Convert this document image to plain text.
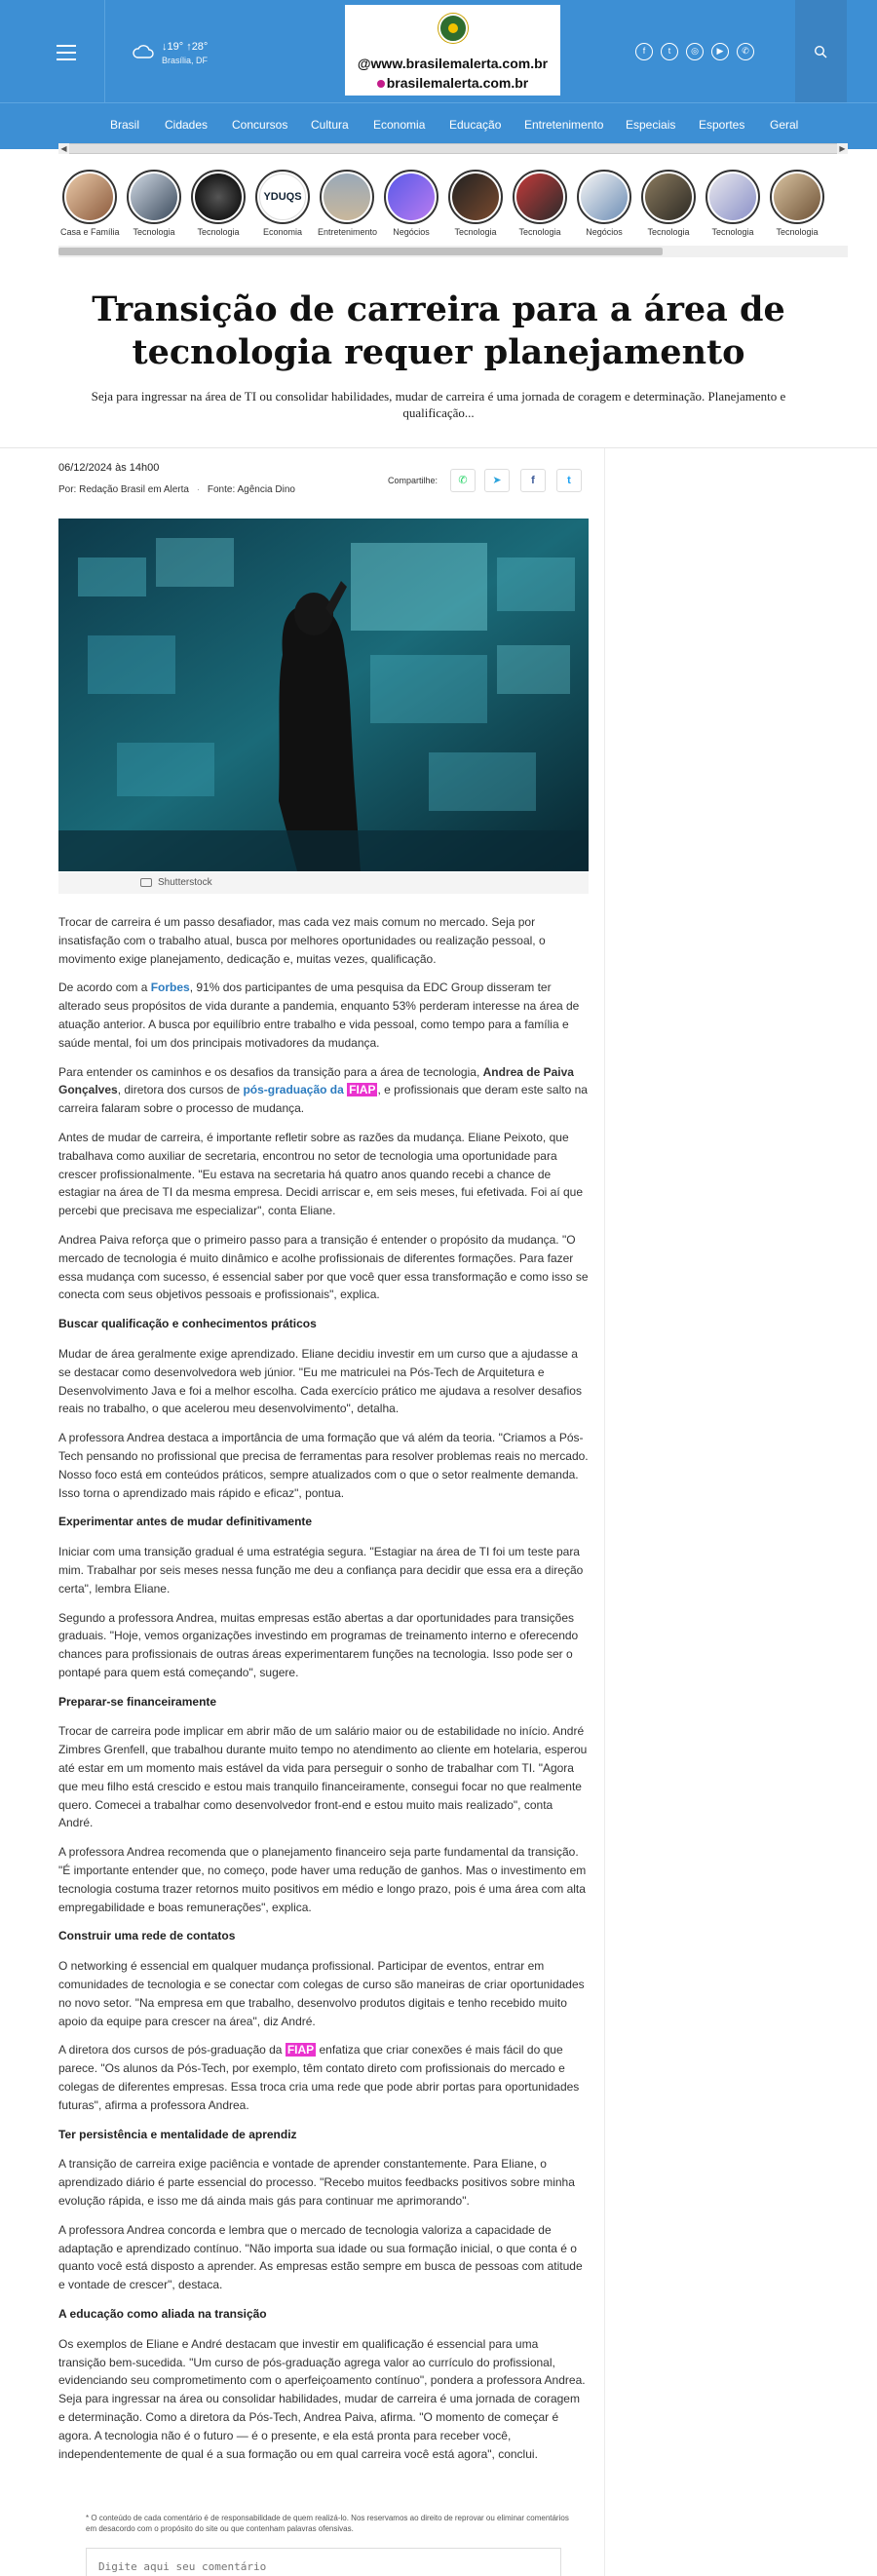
↓19° ↑28°
Brasília, DF	@www.brasilemalerta.com.br
brasilemalerta.com.br
f	t	◎	▶	✆
Brasil Cidades Concursos Cultura Economia Educação Entretenimento Especiais Esportes Geral
◀	▶
Casa e Família	Tecnologia	Tecnologia
YDUQS
Economia	Entretenimento	Negócios	Tecnologia	Tecnologia	Negócios	Tecnologia	Tecnologia	Tecnologia
Transição de carreira para a área de tecnologia requer planejamento
Seja para ingressar na área de TI ou consolidar habilidades, mudar de carreira é uma jornada de coragem e determinação. Planejamento e qualificação...
06/12/2024 às 14h00
Por: Redação Brasil em Alerta · Fonte: Agência Dino
Compartilhe:	✆	➤	f	t
Shutterstock

Trocar de carreira é um passo desafiador, mas cada vez mais comum no mercado. Seja por insatisfação com o trabalho atual, busca por melhores oportunidades ou realização pessoal, o movimento exige planejamento, dedicação e, muitas vezes, qualificação.

De acordo com a Forbes, 91% dos participantes de uma pesquisa da EDC Group disseram ter alterado seus propósitos de vida durante a pandemia, enquanto 53% perderam interesse na área de atuação anterior. A busca por equilíbrio entre trabalho e vida pessoal, como tempo para a família e saúde mental, foi um dos principais motivadores da mudança.

Para entender os caminhos e os desafios da transição para a área de tecnologia, Andrea de Paiva Gonçalves, diretora dos cursos de pós-graduação da FIAP , e profissionais que deram este salto na carreira falaram sobre o processo de mudança.

Antes de mudar de carreira, é importante refletir sobre as razões da mudança. Eliane Peixoto, que trabalhava como auxiliar de secretaria, encontrou no setor de tecnologia uma oportunidade para crescer profissionalmente. "Eu estava na secretaria há quatro anos quando recebi a chance de estagiar na área de TI da mesma empresa. Decidi arriscar e, em seis meses, fui efetivada. Foi aí que percebi que precisava me especializar", conta Eliane.

Andrea Paiva reforça que o primeiro passo para a transição é entender o propósito da mudança. "O mercado de tecnologia é muito dinâmico e acolhe profissionais de diferentes formações. Para fazer essa mudança com sucesso, é essencial saber por que você quer essa transformação e como isso se conecta com seus objetivos pessoais e profissionais", explica.

Buscar qualificação e conhecimentos práticos

Mudar de área geralmente exige aprendizado. Eliane decidiu investir em um curso que a ajudasse a se destacar como desenvolvedora web júnior. "Eu me matriculei na Pós-Tech de Arquitetura e Desenvolvimento Java e foi a melhor escolha. Cada exercício prático me ajudava a resolver desafios reais no trabalho, o que acelerou meu desenvolvimento", detalha.

A professora Andrea destaca a importância de uma formação que vá além da teoria. "Criamos a Pós-Tech pensando no profissional que precisa de ferramentas para resolver problemas reais no mercado. Nosso foco está em conteúdos práticos, sempre atualizados com o que o setor realmente demanda. Isso torna o aprendizado mais rápido e eficaz", pontua.

Experimentar antes de mudar definitivamente

Iniciar com uma transição gradual é uma estratégia segura. "Estagiar na área de TI foi um teste para mim. Trabalhar por seis meses nessa função me deu a confiança para decidir que essa era a direção certa", lembra Eliane.

Segundo a professora Andrea, muitas empresas estão abertas a dar oportunidades para transições graduais. "Hoje, vemos organizações investindo em programas de treinamento interno e oferecendo chances para profissionais de outras áreas experimentarem funções na tecnologia. Isso pode ser o pontapé para quem está começando", sugere.

Preparar-se financeiramente

Trocar de carreira pode implicar em abrir mão de um salário maior ou de estabilidade no início. André Zimbres Grenfell, que trabalhou durante muito tempo no atendimento ao cliente em hotelaria, esperou até estar em um momento mais estável da vida para perseguir o sonho de trabalhar com TI. "Agora que meu filho está crescido e estou mais tranquilo financeiramente, consegui focar no que realmente quero. Comecei a trabalhar como desenvolvedor front-end e estou muito mais realizado", conta André.

A professora Andrea recomenda que o planejamento financeiro seja parte fundamental da transição. "É importante entender que, no começo, pode haver uma redução de ganhos. Mas o investimento em tecnologia costuma trazer retornos muito positivos em médio e longo prazo, pois é uma área com alta empregabilidade e boas remunerações", explica.

Construir uma rede de contatos

O networking é essencial em qualquer mudança profissional. Participar de eventos, entrar em comunidades de tecnologia e se conectar com colegas de curso são maneiras de criar oportunidades no novo setor. "Na empresa em que trabalho, desenvolvo produtos digitais e tenho recebido muito apoio da equipe para crescer na área", diz André.

A diretora dos cursos de pós-graduação da FIAP enfatiza que criar conexões é mais fácil do que parece. "Os alunos da Pós-Tech, por exemplo, têm contato direto com profissionais do mercado e colegas de diferentes empresas. Essa troca cria uma rede que pode abrir portas para oportunidades futuras", afirma a professora Andrea.

Ter persistência e mentalidade de aprendiz

A transição de carreira exige paciência e vontade de aprender constantemente. Para Eliane, o aprendizado diário é parte essencial do processo. "Recebo muitos feedbacks positivos sobre minha evolução rápida, e isso me dá ainda mais gás para continuar me aprimorando".

A professora Andrea concorda e lembra que o mercado de tecnologia valoriza a capacidade de adaptação e aprendizado contínuo. "Não importa sua idade ou sua formação inicial, o que conta é o quanto você está disposto a aprender. As empresas estão sempre em busca de pessoas com atitude e vontade de crescer", destaca.

A educação como aliada na transição

Os exemplos de Eliane e André destacam que investir em qualificação é essencial para uma transição bem-sucedida. "Um curso de pós-graduação agrega valor ao currículo do profissional, evidenciando seu comprometimento com o aperfeiçoamento contínuo", pondera a professora Andrea. Seja para ingressar na área ou consolidar habilidades, mudar de carreira é uma jornada de coragem e determinação. Como a diretora da Pós-Tech, Andrea Paiva, afirma. "O momento de começar é agora. A tecnologia não é o futuro — é o presente, e ela está pronta para receber você, independentemente de qual é a sua formação ou em qual carreira você está agora", conclui.

* O conteúdo de cada comentário é de responsabilidade de quem realizá-lo. Nos reservamos ao direito de reprovar ou eliminar comentários em desacordo com o propósito do site ou que contenham palavras ofensivas.
Digite aqui seu comentário
